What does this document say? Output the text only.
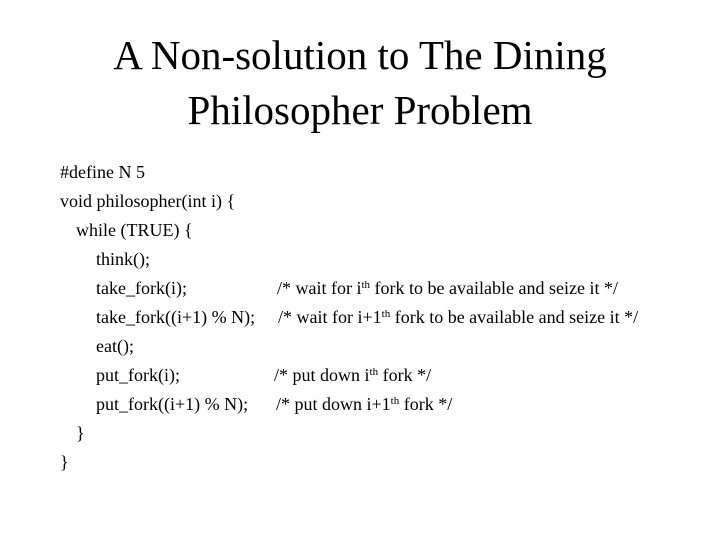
A Non-solution to The Dining
Philosopher Problem
#define N 5
void philosopher(int i) {
while (TRUE) {
think();
take_fork(i);	/* wait for $i^{th}$ fork to be available and seize it */
take_fork((i+1) % N); /* wait for i+1th fork to be available and seize it */
eat();
put_fork(i);	/* put down $i^{th}$ fork */
put_fork((i+1) % N); /* put down i+1th fork */
}
}
